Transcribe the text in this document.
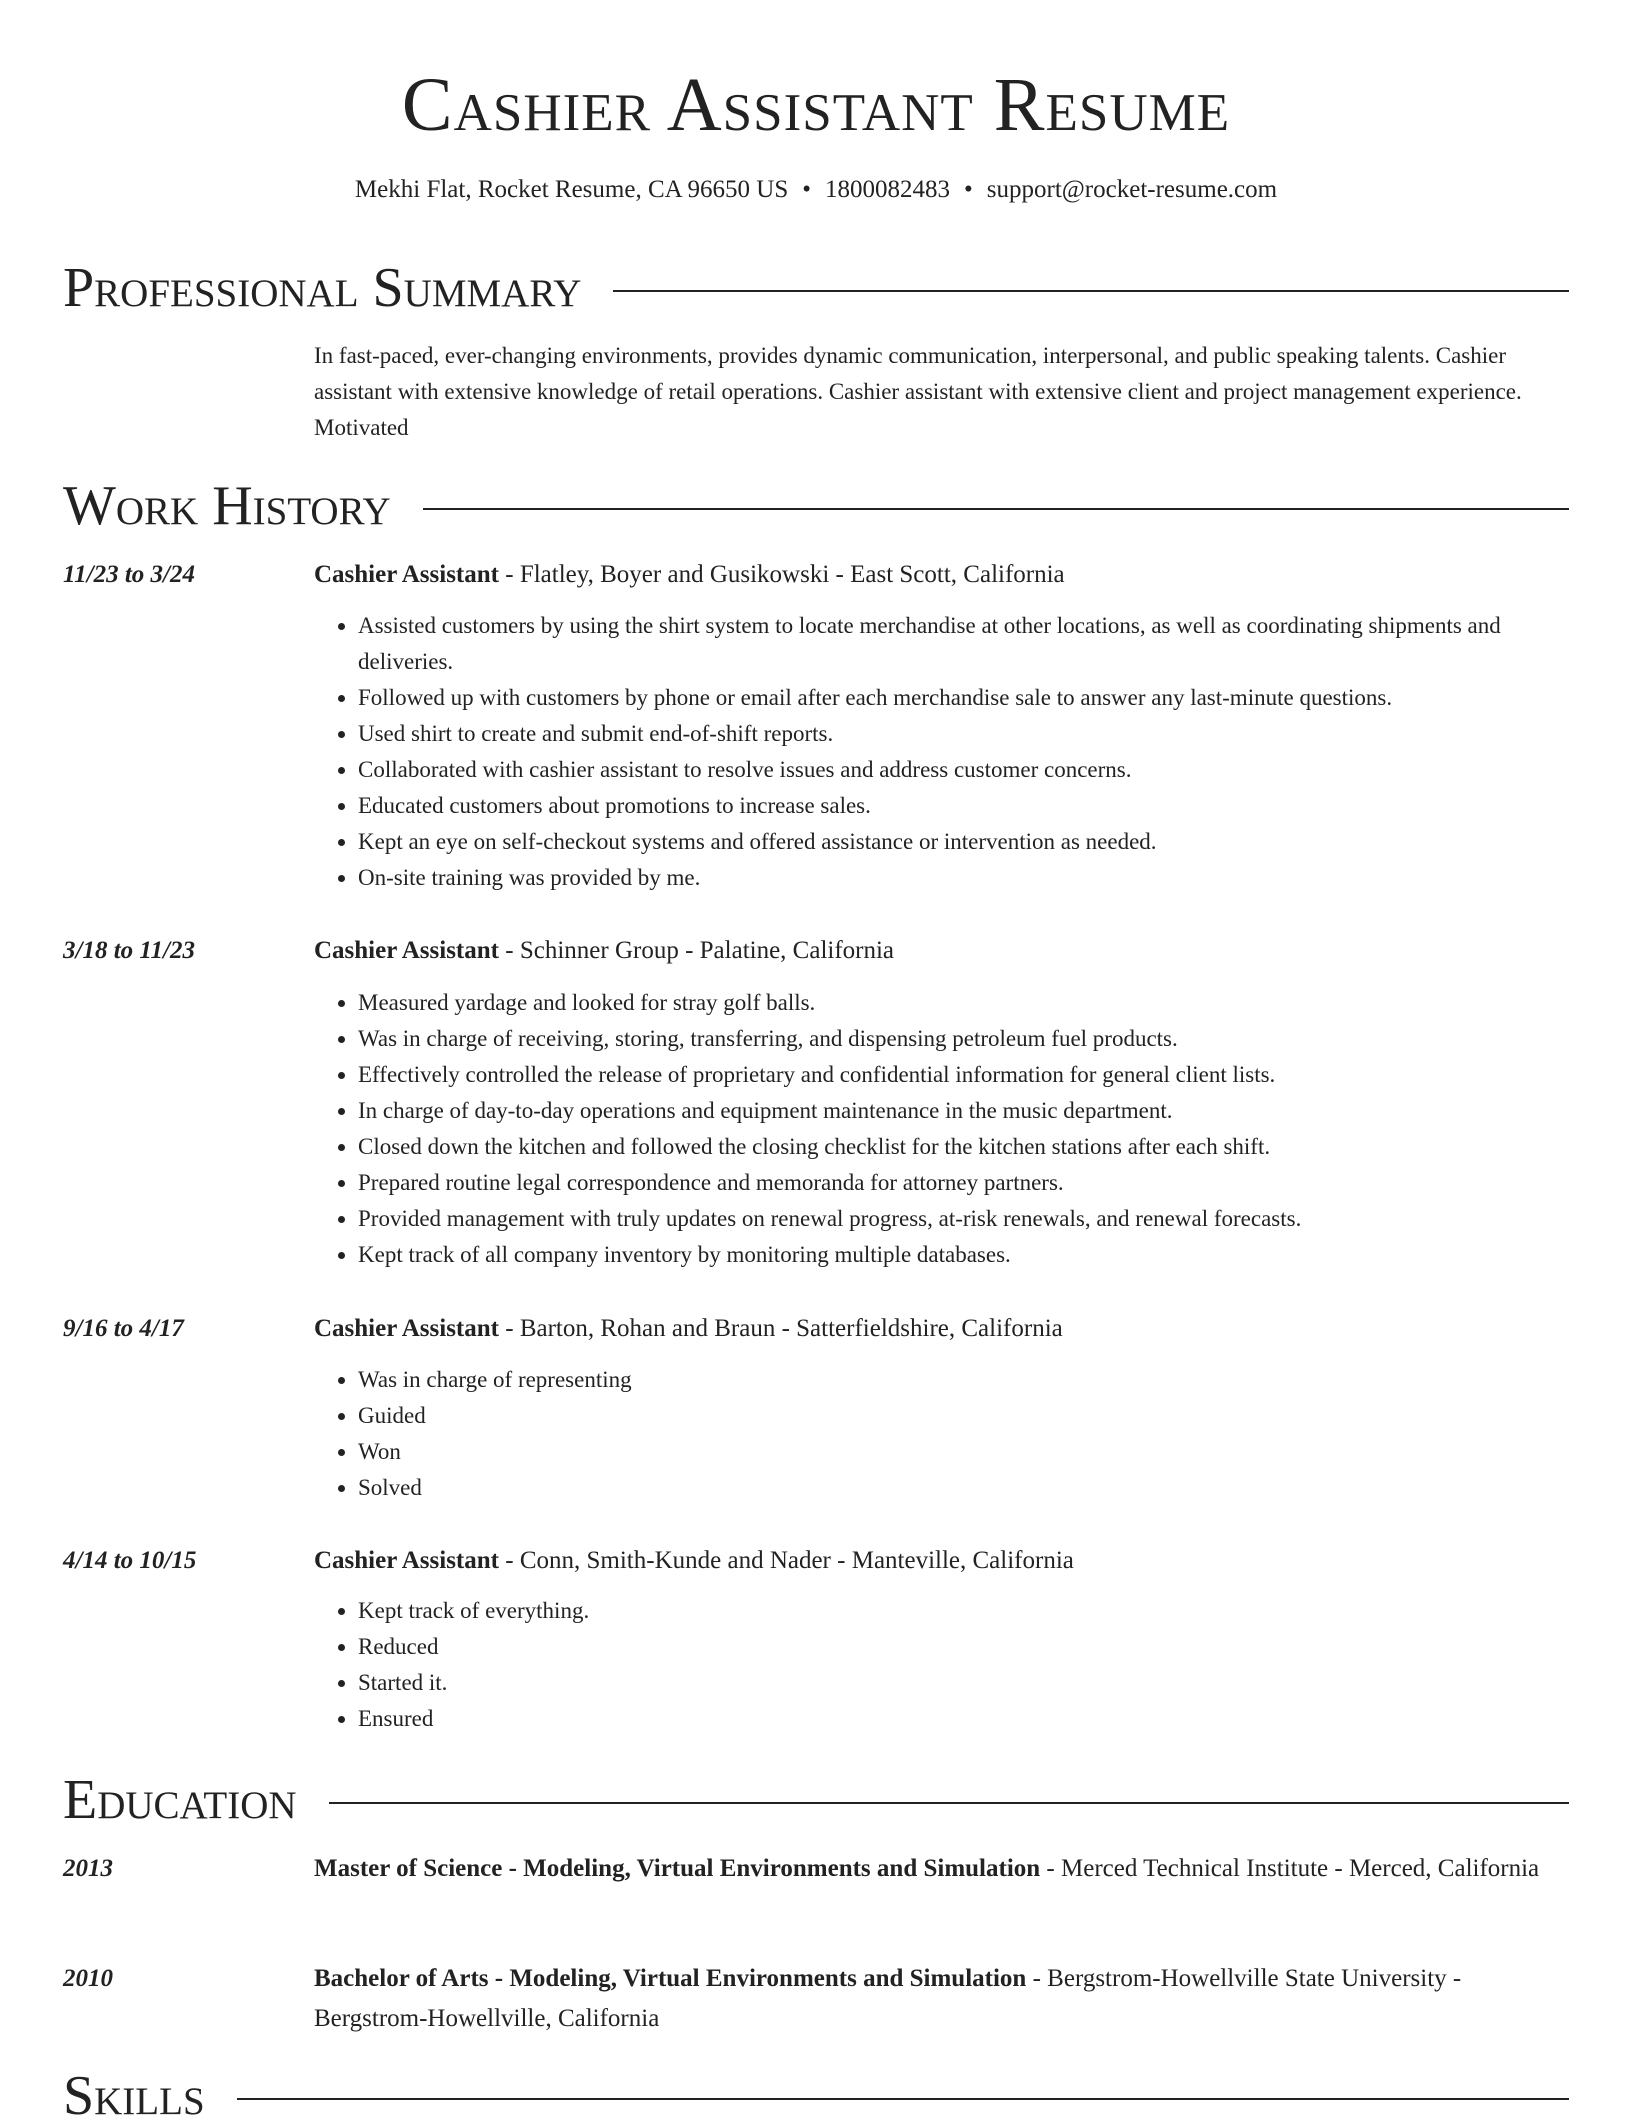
Cashier Assistant Resume
Mekhi Flat, Rocket Resume, CA 96650 US • 1800082483 • support@rocket-resume.com
Professional Summary
In fast-paced, ever-changing environments, provides dynamic communication, interpersonal, and public speaking talents. Cashier assistant with extensive knowledge of retail operations. Cashier assistant with extensive client and project management experience. Motivated
Work History
11/23 to 3/24	Cashier Assistant - Flatley, Boyer and Gusikowski - East Scott, California
• Assisted customers by using the shirt system to locate merchandise at other locations, as well as coordinating shipments and deliveries.
• Followed up with customers by phone or email after each merchandise sale to answer any last-minute questions.
• Used shirt to create and submit end-of-shift reports.
• Collaborated with cashier assistant to resolve issues and address customer concerns.
• Educated customers about promotions to increase sales.
• Kept an eye on self-checkout systems and offered assistance or intervention as needed.
• On-site training was provided by me.
3/18 to 11/23	Cashier Assistant - Schinner Group - Palatine, California
• Measured yardage and looked for stray golf balls.
• Was in charge of receiving, storing, transferring, and dispensing petroleum fuel products.
• Effectively controlled the release of proprietary and confidential information for general client lists.
• In charge of day-to-day operations and equipment maintenance in the music department.
• Closed down the kitchen and followed the closing checklist for the kitchen stations after each shift.
• Prepared routine legal correspondence and memoranda for attorney partners.
• Provided management with truly updates on renewal progress, at-risk renewals, and renewal forecasts.
• Kept track of all company inventory by monitoring multiple databases.
9/16 to 4/17	Cashier Assistant - Barton, Rohan and Braun - Satterfieldshire, California
• Was in charge of representing
• Guided
• Won
• Solved
4/14 to 10/15	Cashier Assistant - Conn, Smith-Kunde and Nader - Manteville, California
• Kept track of everything.
• Reduced
• Started it.
• Ensured
Education
2013	Master of Science - Modeling, Virtual Environments and Simulation - Merced Technical Institute - Merced, California
2010	Bachelor of Arts - Modeling, Virtual Environments and Simulation - Bergstrom-Howellville State University - Bergstrom-Howellville, California
Skills
